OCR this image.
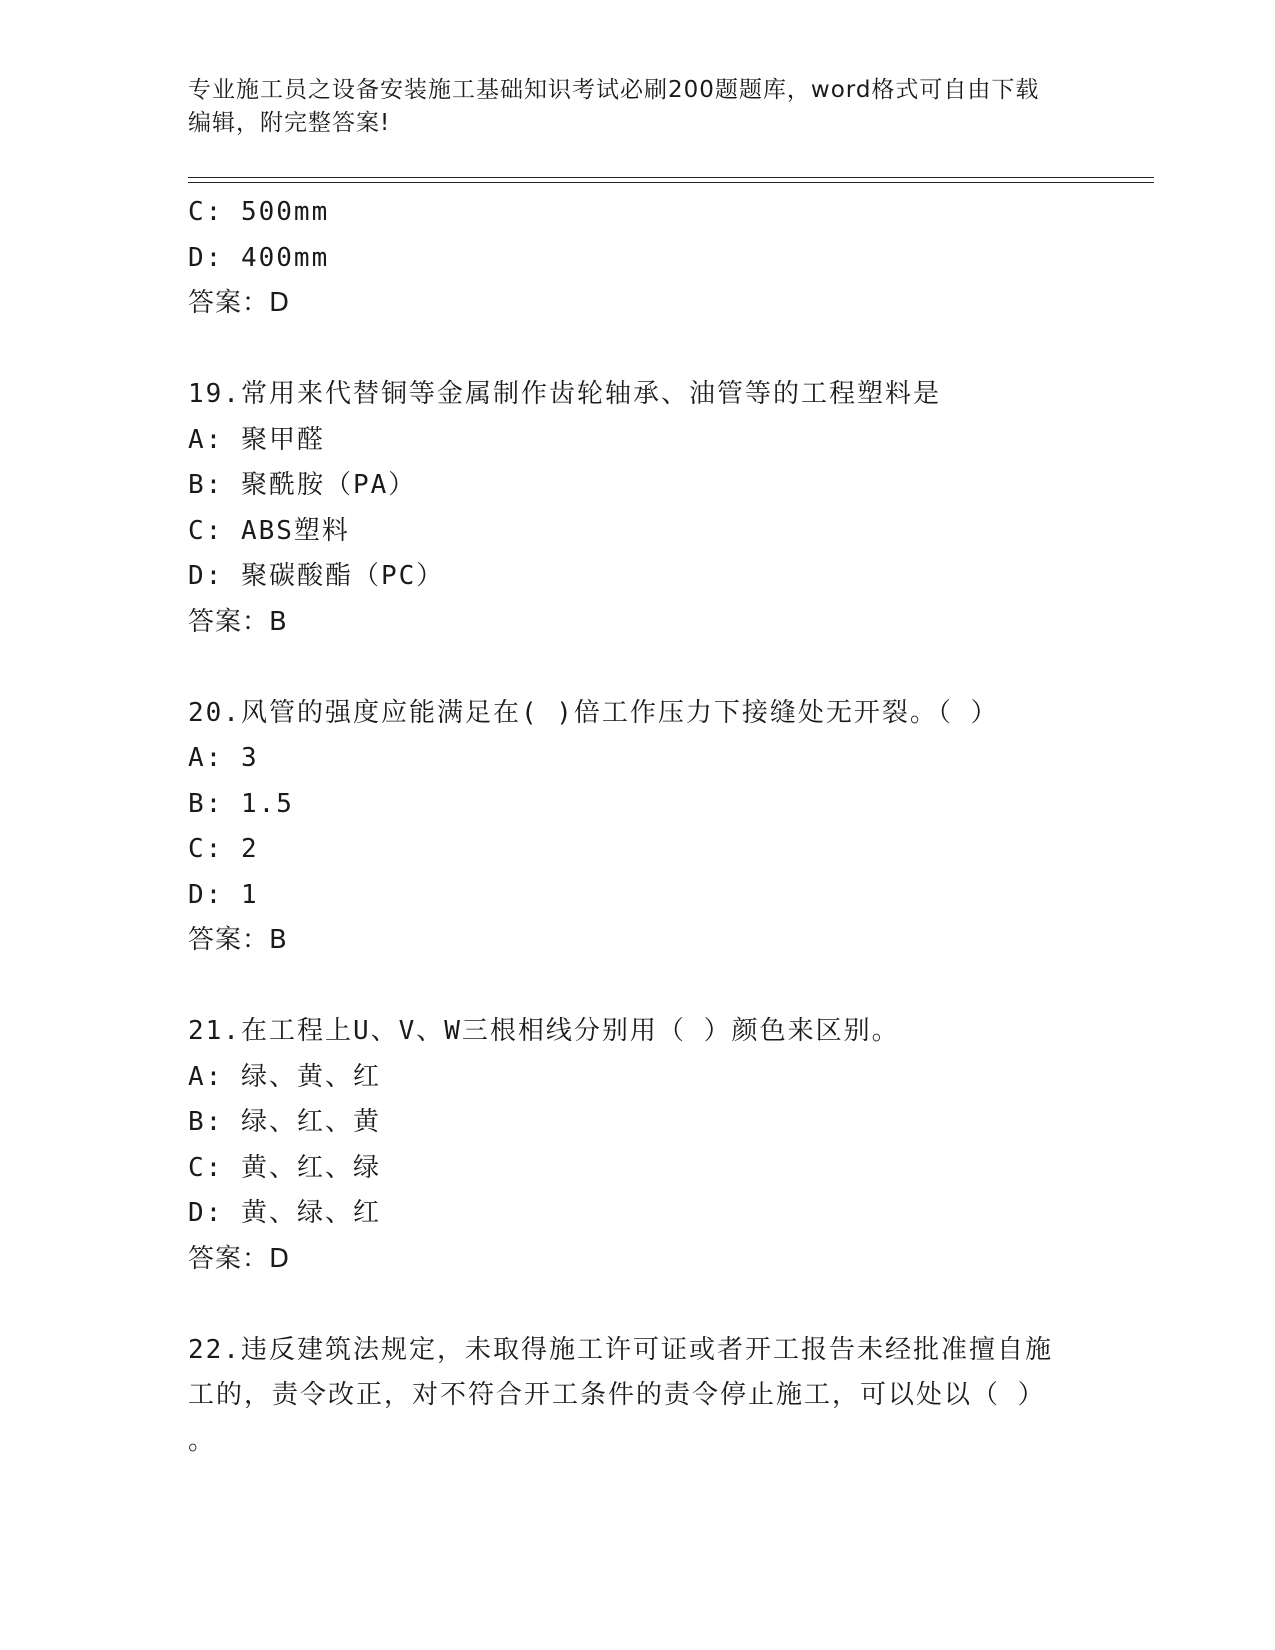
专业施工员之设备安装施工基础知识考试必刷200题题库，word格式可自由下载
编辑，附完整答案!
C: 500mm
D: 400mm
答案：D
19.常用来代替铜等金属制作齿轮轴承、油管等的工程塑料是
A: 聚甲醛
B: 聚酰胺（PA）
C: ABS塑料
D: 聚碳酸酯（PC）
答案：B
20.风管的强度应能满足在( )倍工作压力下接缝处无开裂。（ ）
A: 3
B: 1.5
C: 2
D: 1
答案：B
21.在工程上U、V、W三根相线分别用（ ）颜色来区别。
A: 绿、黄、红
B: 绿、红、黄
C: 黄、红、绿
D: 黄、绿、红
答案：D
22.违反建筑法规定，未取得施工许可证或者开工报告未经批准擅自施
工的，责令改正，对不符合开工条件的责令停止施工，可以处以（ ）
。
